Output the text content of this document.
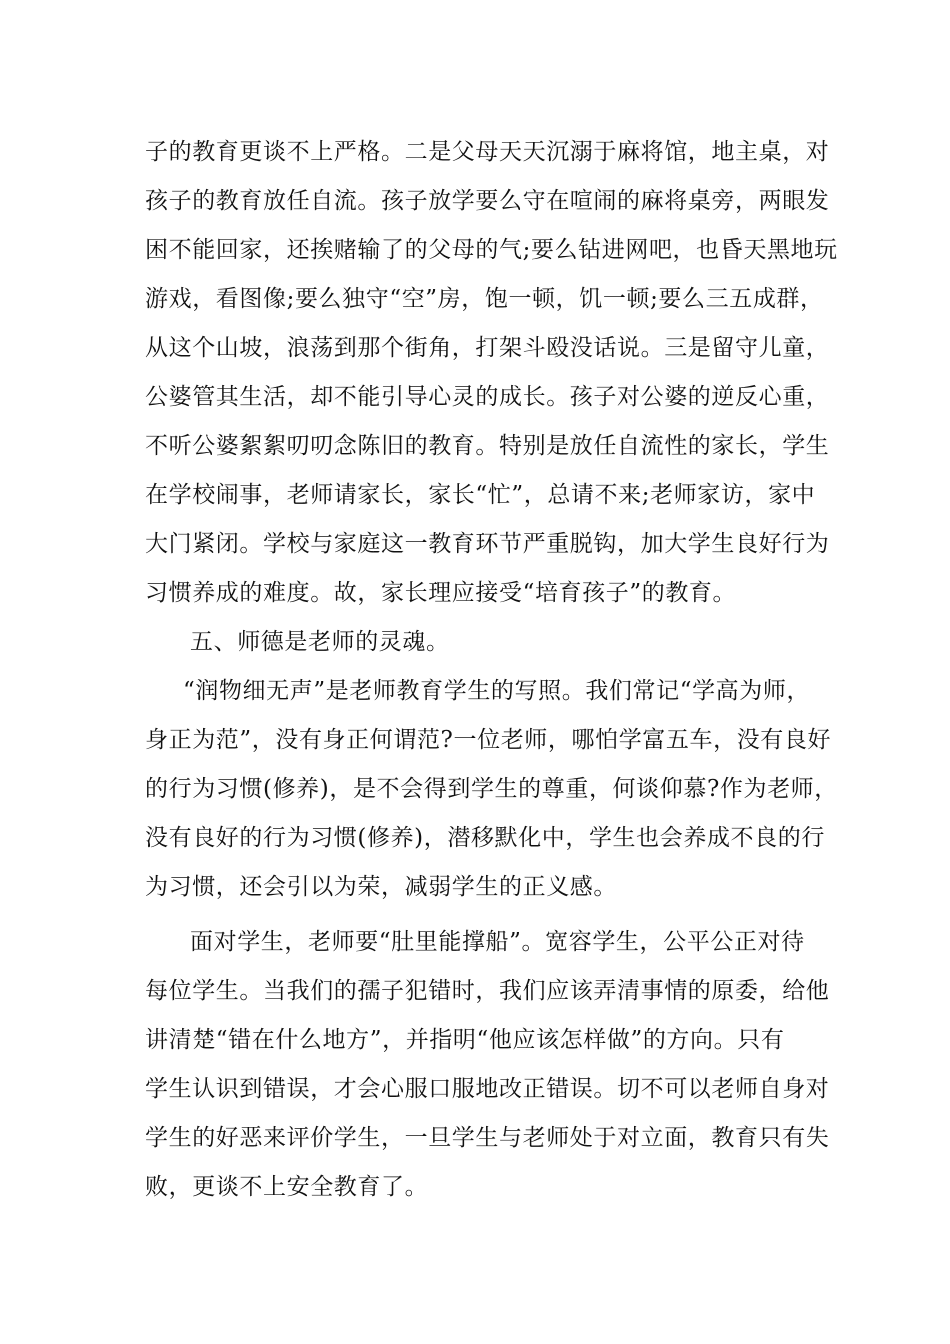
子的教育更谈不上严格。二是父母天天沉溺于麻将馆，地主桌，对
孩子的教育放任自流。孩子放学要么守在喧闹的麻将桌旁，两眼发
困不能回家，还挨赌输了的父母的气;要么钻进网吧，也昏天黑地玩
游戏，看图像;要么独守“空”房，饱一顿，饥一顿;要么三五成群，
从这个山坡，浪荡到那个街角，打架斗殴没话说。三是留守儿童，
公婆管其生活，却不能引导心灵的成长。孩子对公婆的逆反心重，
不听公婆絮絮叨叨念陈旧的教育。特别是放任自流性的家长，学生
在学校闹事，老师请家长，家长“忙”，总请不来;老师家访，家中
大门紧闭。学校与家庭这一教育环节严重脱钩，加大学生良好行为
习惯养成的难度。故，家长理应接受“培育孩子”的教育。
五、师德是老师的灵魂。
“润物细无声”是老师教育学生的写照。我们常记“学高为师，
身正为范”，没有身正何谓范?一位老师，哪怕学富五车，没有良好
的行为习惯(修养)，是不会得到学生的尊重，何谈仰慕?作为老师，
没有良好的行为习惯(修养)，潜移默化中，学生也会养成不良的行
为习惯，还会引以为荣，减弱学生的正义感。
面对学生，老师要“肚里能撑船”。宽容学生，公平公正对待
每位学生。当我们的孺子犯错时，我们应该弄清事情的原委，给他
讲清楚“错在什么地方”，并指明“他应该怎样做”的方向。只有
学生认识到错误，才会心服口服地改正错误。切不可以老师自身对
学生的好恶来评价学生，一旦学生与老师处于对立面，教育只有失
败，更谈不上安全教育了。
